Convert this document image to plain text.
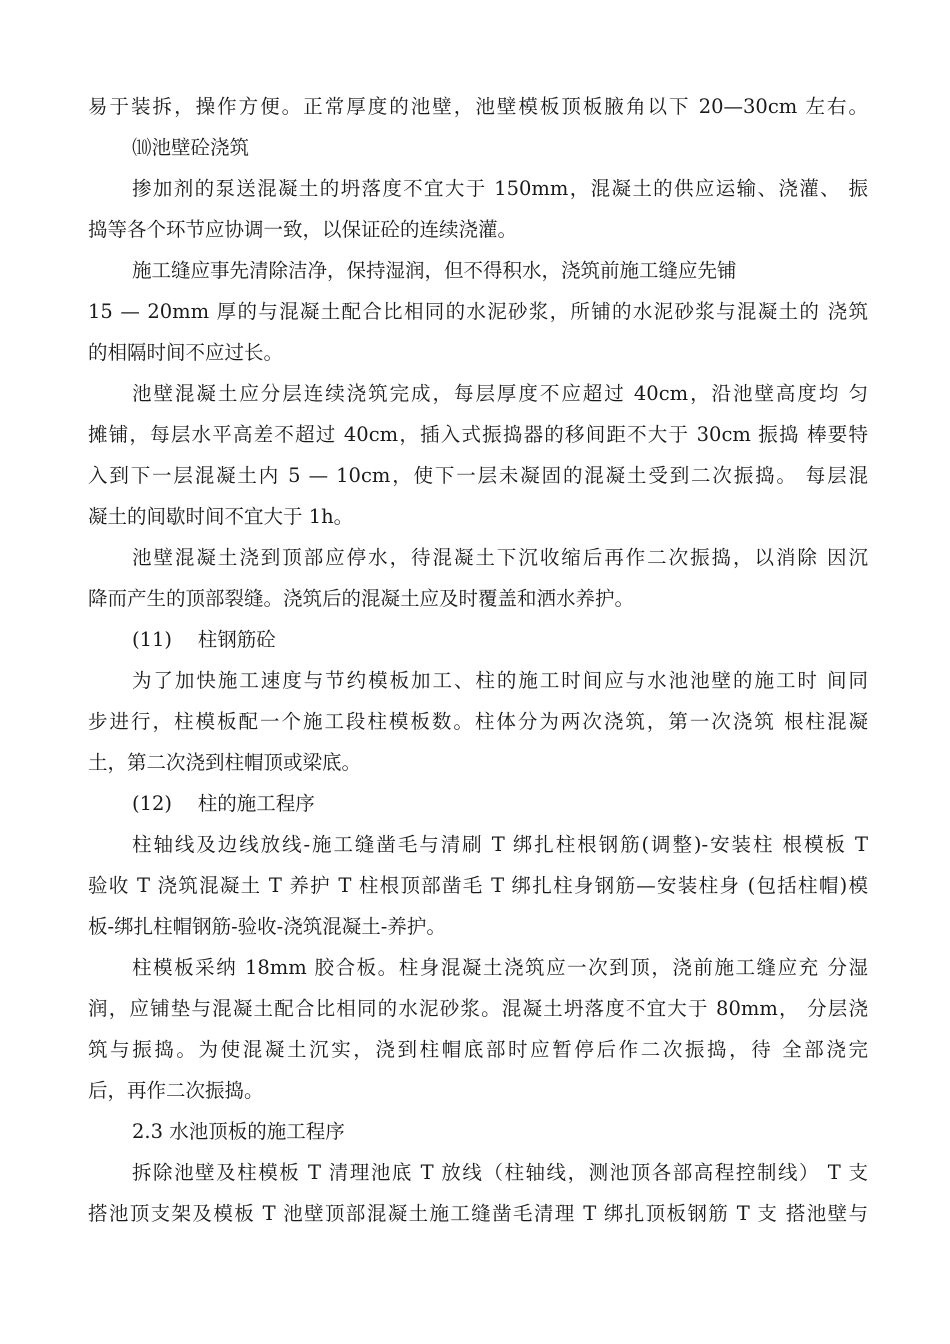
易于装拆，操作方便。正常厚度的池壁，池壁模板顶板腋角以下 20—30cm 左右。
⑽池壁砼浇筑
掺加剂的泵送混凝土的坍落度不宜大于 150mm，混凝土的供应运输、浇灌、 振
捣等各个环节应协调一致，以保证砼的连续浇灌。
施工缝应事先清除洁净，保持湿润，但不得积水，浇筑前施工缝应先铺
15 — 20mm 厚的与混凝土配合比相同的水泥砂浆，所铺的水泥砂浆与混凝土的 浇筑
的相隔时间不应过长。
池壁混凝土应分层连续浇筑完成，每层厚度不应超过 40cm，沿池壁高度均 匀
摊铺，每层水平高差不超过 40cm，插入式振捣器的移间距不大于 30cm 振捣 棒要特
入到下一层混凝土内 5 — 10cm，使下一层未凝固的混凝土受到二次振捣。 每层混
凝土的间歇时间不宜大于 1h。
池壁混凝土浇到顶部应停水，待混凝土下沉收缩后再作二次振捣，以消除 因沉
降而产生的顶部裂缝。浇筑后的混凝土应及时覆盖和洒水养护。
(11)　 柱钢筋砼
为了加快施工速度与节约模板加工、柱的施工时间应与水池池壁的施工时 间同
步进行，柱模板配一个施工段柱模板数。柱体分为两次浇筑，第一次浇筑 根柱混凝
土，第二次浇到柱帽顶或梁底。
(12)　 柱的施工程序
柱轴线及边线放线-施工缝凿毛与清刷 T 绑扎柱根钢筋(调整)-安装柱 根模板 T
验收 T 浇筑混凝土 T 养护 T 柱根顶部凿毛 T 绑扎柱身钢筋—安装柱身 (包括柱帽)模
板-绑扎柱帽钢筋-验收-浇筑混凝土-养护。
柱模板采纳 18mm 胶合板。柱身混凝土浇筑应一次到顶，浇前施工缝应充 分湿
润，应铺垫与混凝土配合比相同的水泥砂浆。混凝土坍落度不宜大于 80mm， 分层浇
筑与振捣。为使混凝土沉实，浇到柱帽底部时应暂停后作二次振捣，待 全部浇完
后，再作二次振捣。
2.3 水池顶板的施工程序
拆除池壁及柱模板 T 清理池底 T 放线（柱轴线，测池顶各部高程控制线） T 支
搭池顶支架及模板 T 池壁顶部混凝土施工缝凿毛清理 T 绑扎顶板钢筋 T 支 搭池壁与
